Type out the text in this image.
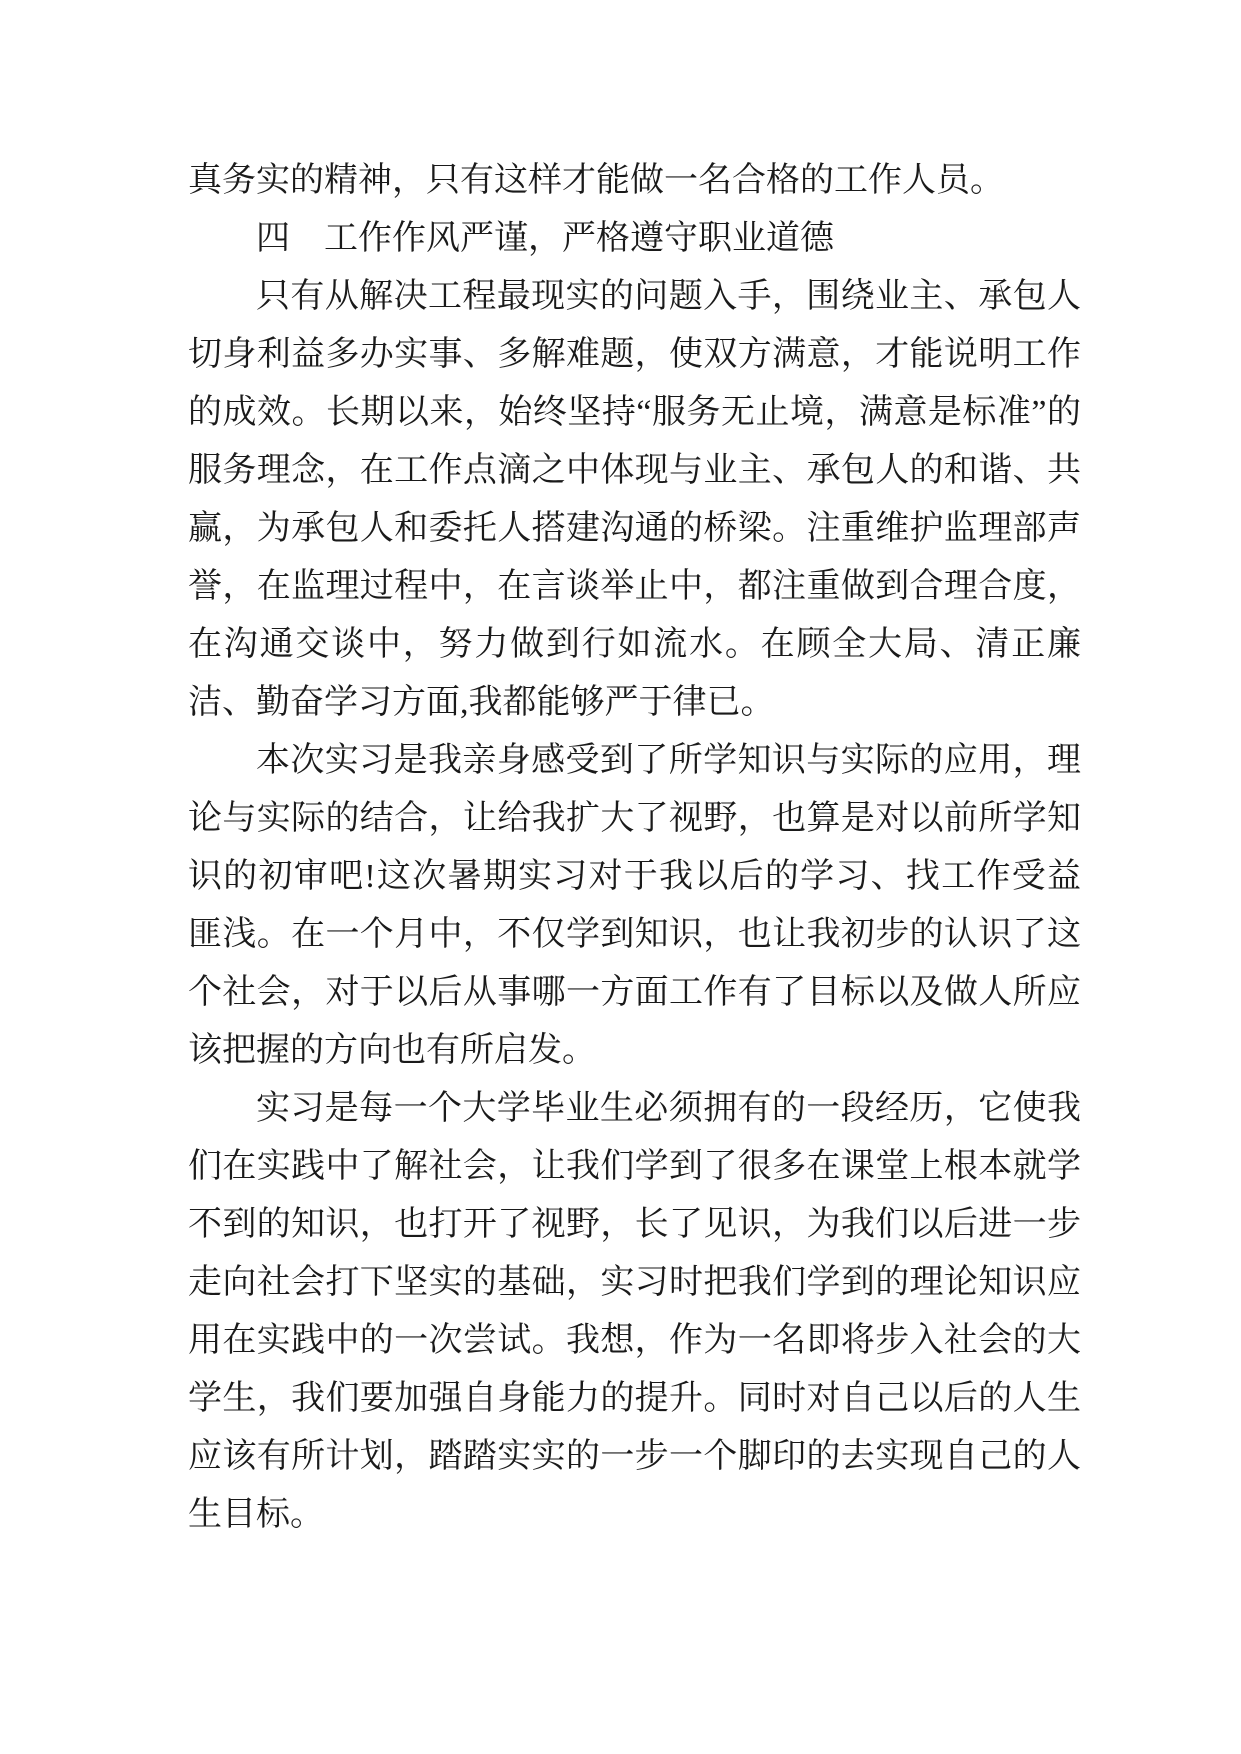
真务实的精神，只有这样才能做一名合格的工作人员。

四　工作作风严谨，严格遵守职业道德

只有从解决工程最现实的问题入手，围绕业主、承包人切身利益多办实事、多解难题，使双方满意，才能说明工作的成效。长期以来，始终坚持“服务无止境，满意是标准”的服务理念，在工作点滴之中体现与业主、承包人的和谐、共赢，为承包人和委托人搭建沟通的桥梁。注重维护监理部声誉，在监理过程中，在言谈举止中，都注重做到合理合度，在沟通交谈中，努力做到行如流水。在顾全大局、清正廉洁、勤奋学习方面,我都能够严于律已。

本次实习是我亲身感受到了所学知识与实际的应用，理论与实际的结合，让给我扩大了视野，也算是对以前所学知识的初审吧!这次暑期实习对于我以后的学习、找工作受益匪浅。在一个月中，不仅学到知识，也让我初步的认识了这个社会，对于以后从事哪一方面工作有了目标以及做人所应该把握的方向也有所启发。

实习是每一个大学毕业生必须拥有的一段经历，它使我们在实践中了解社会，让我们学到了很多在课堂上根本就学不到的知识，也打开了视野，长了见识，为我们以后进一步走向社会打下坚实的基础，实习时把我们学到的理论知识应用在实践中的一次尝试。我想，作为一名即将步入社会的大学生，我们要加强自身能力的提升。同时对自己以后的人生应该有所计划，踏踏实实的一步一个脚印的去实现自己的人生目标。
